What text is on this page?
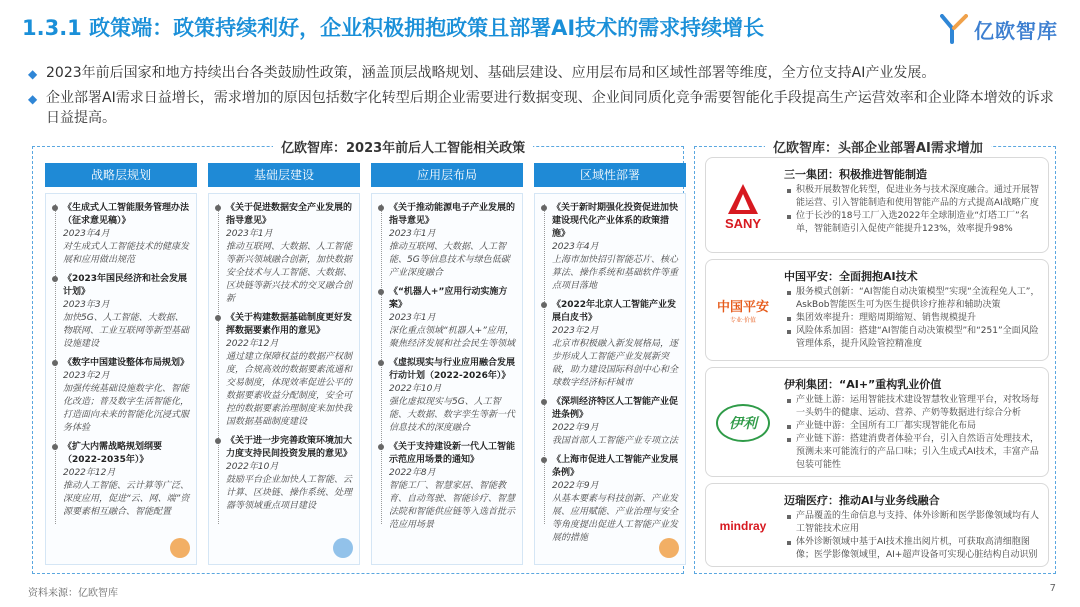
1.3.1 政策端：政策持续利好，企业积极拥抱政策且部署AI技术的需求持续增长	亿欧智库
◆ 2023年前后国家和地方持续出台各类鼓励性政策，涵盖顶层战略规划、基础层建设、应用层布局和区域性部署等维度，全方位支持AI产业发展。
◆ 企业部署AI需求日益增长，需求增加的原因包括数字化转型后期企业需要进行数据变现、企业间同质化竞争需要智能化手段提高生产运营效率和企业降本增效的诉求日益提高。
亿欧智库：2023年前后人工智能相关政策
战略层规划
《生成式人工智能服务管理办法（征求意见稿）》
2023年4月
对生成式人工智能技术的健康发展和应用做出规范
《2023年国民经济和社会发展计划》
2023年3月
加快5G、人工智能、大数据、物联网、工业互联网等新型基础设施建设
《数字中国建设整体布局规划》
2023年2月
加强传统基础设施数字化、智能化改造；普及数字生活智能化，打造面向未来的智能化沉浸式服务体验
《扩大内需战略规划纲要（2022-2035年）》
2022年12月
推动人工智能、云计算等广泛、深度应用，促进“云、网、端”资源要素相互融合、智能配置
基础层建设
《关于促进数据安全产业发展的指导意见》
2023年1月
推动互联网、大数据、人工智能等新兴领域融合创新，加快数据安全技术与人工智能、大数据、区块链等新兴技术的交叉融合创新
《关于构建数据基础制度更好发挥数据要素作用的意见》
2022年12月
通过建立保障权益的数据产权制度，合规高效的数据要素流通和交易制度，体现效率促进公平的数据要素收益分配制度，安全可控的数据要素治理制度来加快我国数据基础制度建设
《关于进一步完善政策环境加大力度支持民间投资发展的意见》
2022年10月
鼓励平台企业加快人工智能、云计算、区块链、操作系统、处理器等领域重点项目建设
应用层布局
《关于推动能源电子产业发展的指导意见》
2023年1月
推动互联网、大数据、人工智能、5G等信息技术与绿色低碳产业深度融合
《“机器人+”应用行动实施方案》
2023年1月
深化重点领域“机器人+”应用，聚焦经济发展和社会民生等领域
《虚拟现实与行业应用融合发展行动计划（2022-2026年）》
2022年10月
强化虚拟现实与5G、人工智能、大数据、数字孪生等新一代信息技术的深度融合
《关于支持建设新一代人工智能示范应用场景的通知》
2022年8月
智能工厂、智慧家居、智能教育、自动驾驶、智能诊疗、智慧法院和智能供应链等入选首批示范应用场景
区域性部署
《关于新时期强化投资促进加快建设现代化产业体系的政策措施》
2023年4月
上海市加快招引智能芯片、核心算法、操作系统和基础软件等重点项目落地
《2022年北京人工智能产业发展白皮书》
2023年2月
北京市积极融入新发展格局，逐步形成人工智能产业发展新突破，助力建设国际科创中心和全球数字经济标杆城市
《深圳经济特区人工智能产业促进条例》
2022年9月
我国首部人工智能产业专项立法
《上海市促进人工智能产业发展条例》
2022年9月
从基本要素与科技创新、产业发展、应用赋能、产业治理与安全等角度提出促进人工智能产业发展的措施
亿欧智库：头部企业部署AI需求增加
SANY
三一集团：积极推进智能制造
积极开展数智化转型，促进业务与技术深度融合。通过开展智能运营、引入智能制造和使用智能产品的方式提高AI战略广度
位于长沙的18号工厂入选2022年全球制造业“灯塔工厂”名单，智能制造引入促使产能提升123%，效率提升98%
中国平安
专业·价值
中国平安：全面拥抱AI技术
服务模式创新：“AI智能自动决策模型”实现“全流程免人工”，AskBob智能医生可为医生提供诊疗推荐和辅助决策
集团效率提升：理赔周期缩短、销售规模提升
风险体系加固：搭建“AI智能自动决策模型”和“251”全面风险管理体系，提升风险管控精准度
伊利
伊利集团：“AI+”重构乳业价值
产业链上游：运用智能技术建设智慧牧业管理平台，对牧场每一头奶牛的健康、运动、营养、产奶等数据进行综合分析
产业链中游：全国所有工厂都实现智能化布局
产业链下游：搭建消费者体验平台，引入自然语言处理技术，预测未来可能流行的产品口味；引入生成式AI技术，丰富产品包装可能性
mindray
迈瑞医疗：推动AI与业务线融合
产品覆盖的生命信息与支持、体外诊断和医学影像领域均有人工智能技术应用
体外诊断领域中基于AI技术推出阅片机，可获取高清细胞图像；医学影像领域里，AI+超声设备可实现心脏结构自动识别
资料来源：亿欧智库	7
